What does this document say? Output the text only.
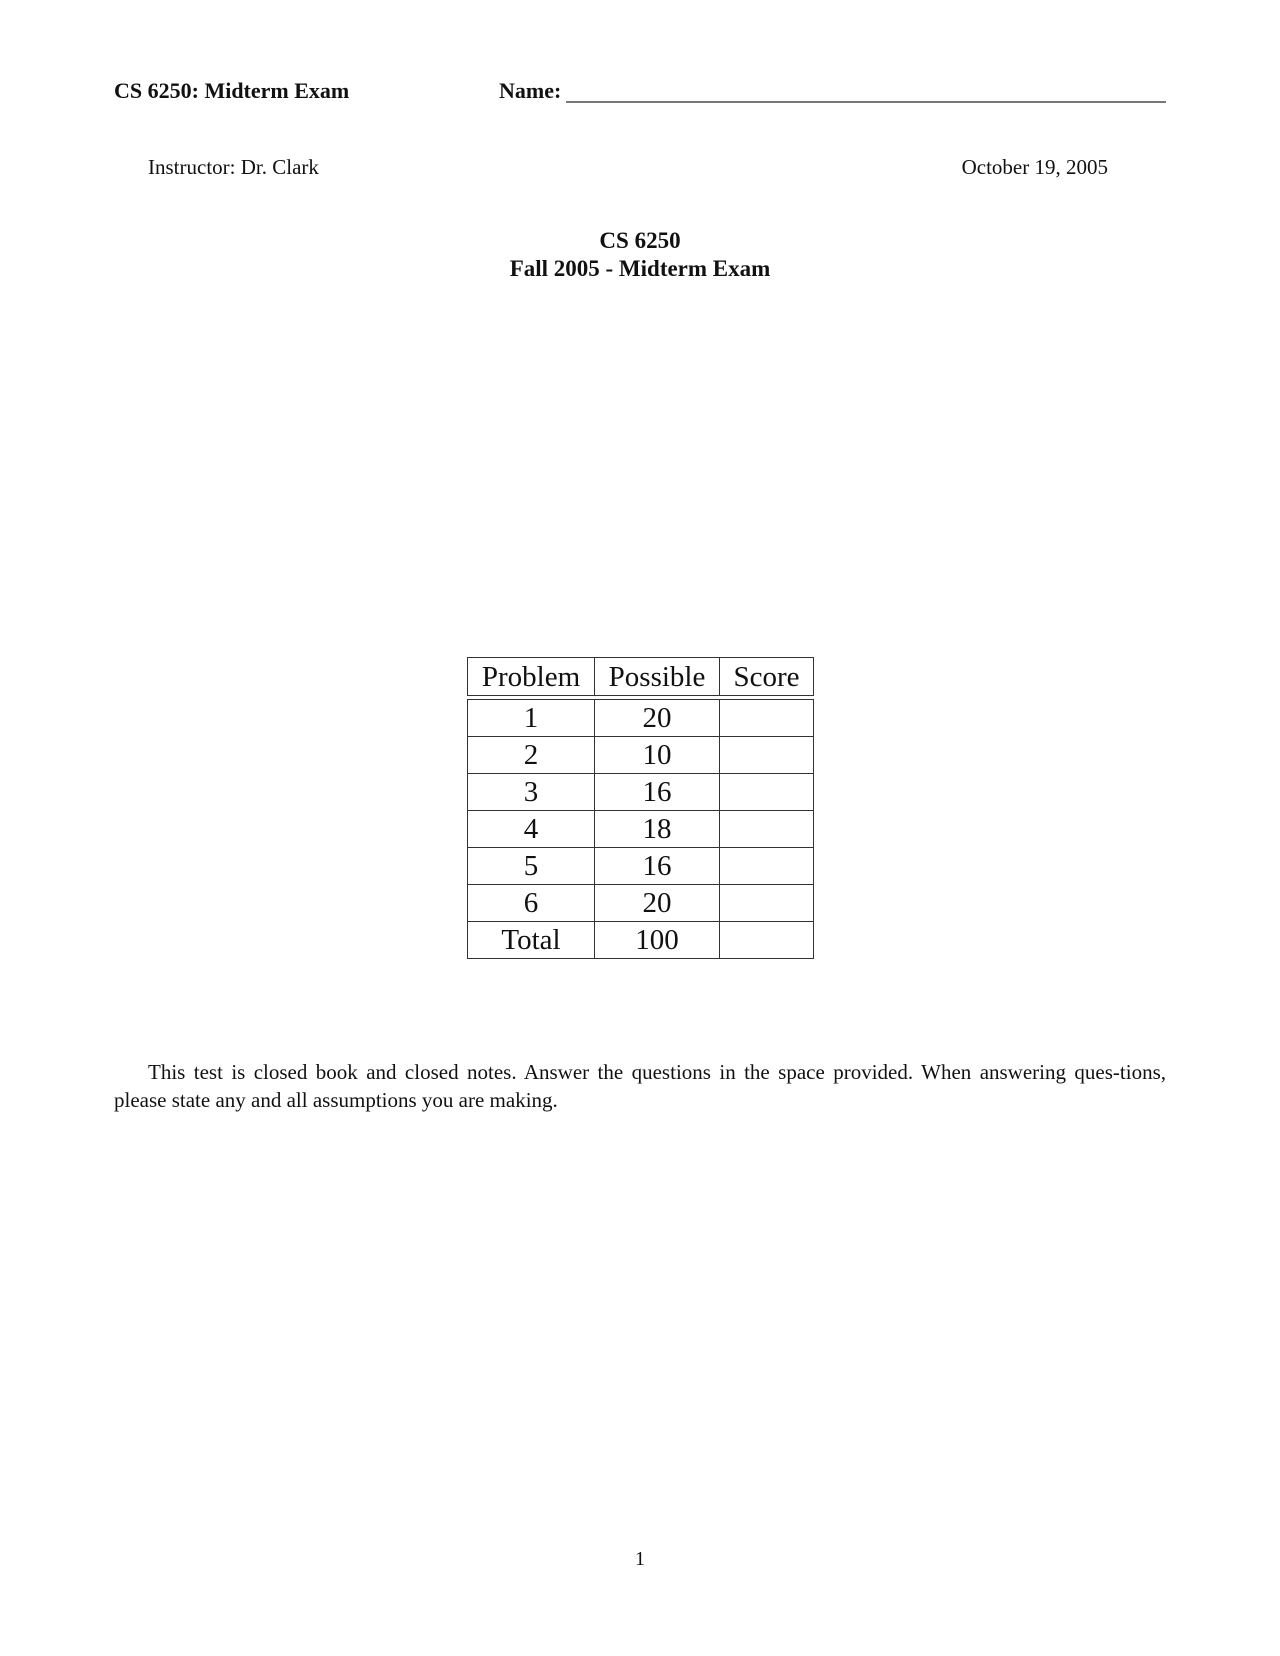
CS 6250: Midterm Exam	Name:
Instructor: Dr. Clark	October 19, 2005
CS 6250
Fall 2005 - Midterm Exam
Problem	Possible	Score

1	20	
2	10	
3	16	
4	18	
5	16	
6	20	
Total	100	
This test is closed book and closed notes. Answer the questions in the space provided. When answering ques-tions, please state any and all assumptions you are making.
1
